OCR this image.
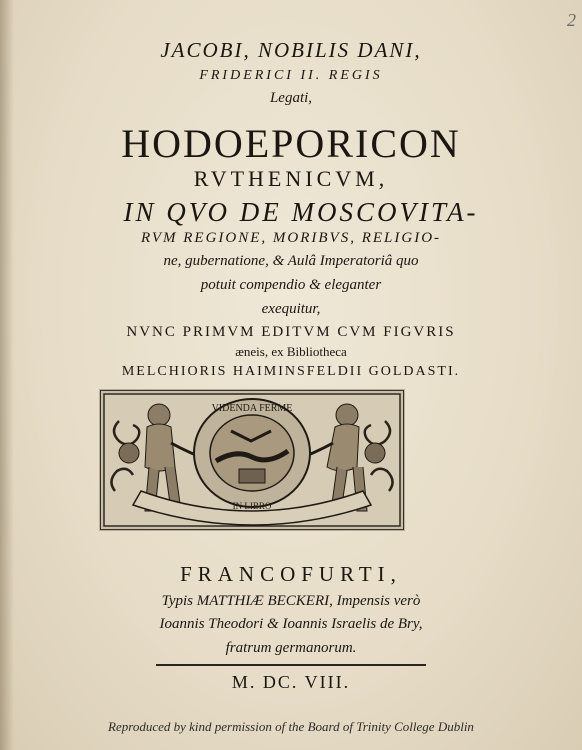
2
JACOBI, NOBILIS DANI,
FRIDERICI II. REGIS
Legati,
HODOEPORICON
RVTHENICVM,
IN QVO DE MOSCOVITA-
RVM REGIONE, MORIBVS, RELIGIO-
ne, gubernatione, & Aulâ Imperatoriâ quo
potuit compendio & eleganter
exequitur,
NVNC PRIMVM EDITVM CVM FIGVRIS
æneis, ex Bibliotheca
MELCHIORIS HAIMINSFELDII GOLDASTI.
VIDENDA FERME
IN LIBRO
FRANCOFURTI,
Typis MATTHIÆ BECKERI, Impensis verò
Ioannis Theodori & Ioannis Israelis de Bry,
fratrum germanorum.
M. DC. VIII.
Reproduced by kind permission of the Board of Trinity College Dublin
